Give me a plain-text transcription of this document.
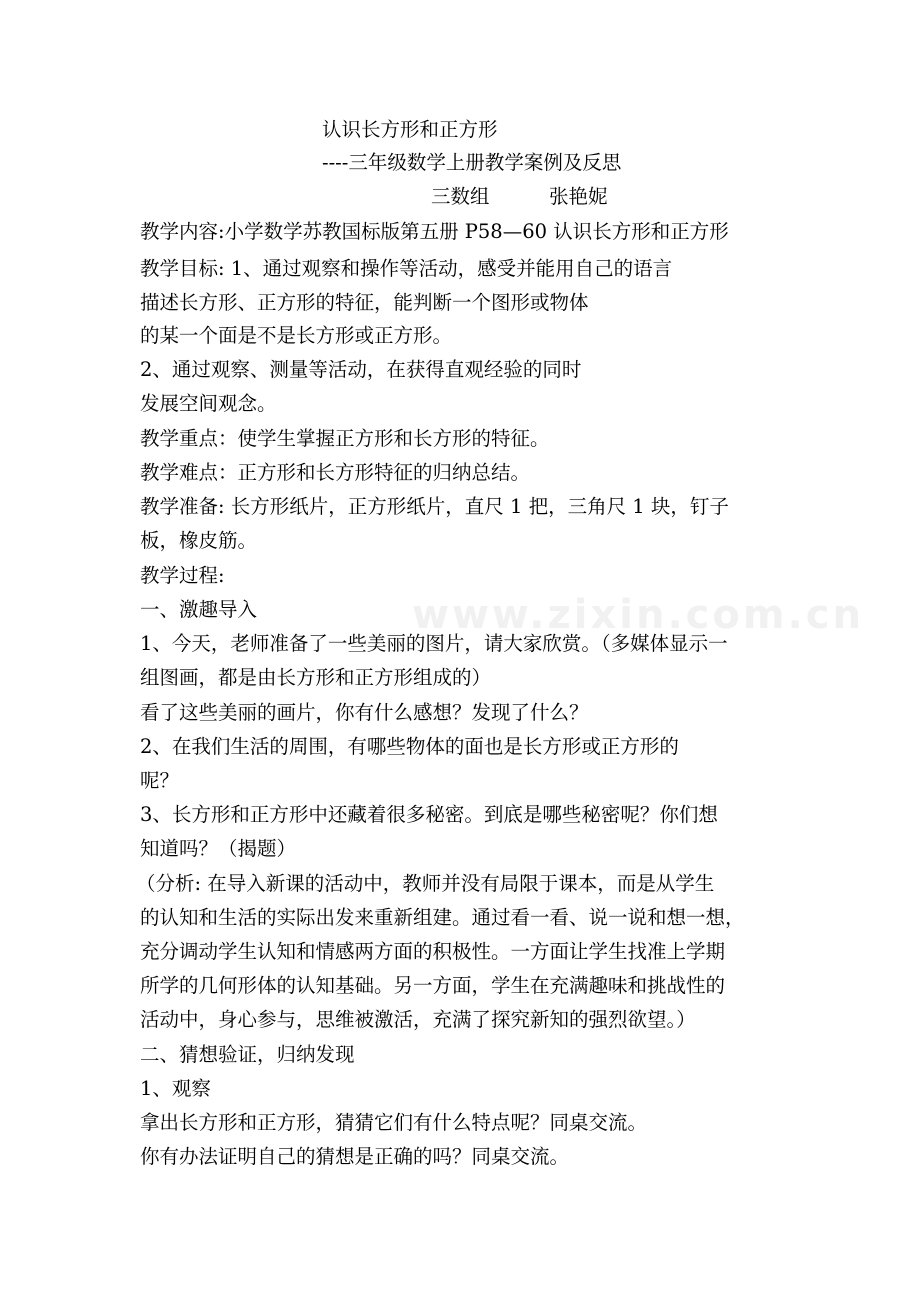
www.zixin.com.cn
认识长方形和正方形
----三年级数学上册教学案例及反思
三数组	张艳妮
教学内容:小学数学苏教国标版第五册 P58—60 认识长方形和正方形
教学目标: 1、通过观察和操作等活动，感受并能用自己的语言
描述长方形、正方形的特征，能判断一个图形或物体
的某一个面是不是长方形或正方形。
2、通过观察、测量等活动，在获得直观经验的同时
发展空间观念。
教学重点：使学生掌握正方形和长方形的特征。
教学难点：正方形和长方形特征的归纳总结。
教学准备: 长方形纸片，正方形纸片，直尺 1 把，三角尺 1 块，钉子
板，橡皮筋。
教学过程:
一、激趣导入
1、今天，老师准备了一些美丽的图片，请大家欣赏。（多媒体显示一
组图画，都是由长方形和正方形组成的）
看了这些美丽的画片，你有什么感想？发现了什么？
2、在我们生活的周围，有哪些物体的面也是长方形或正方形的
呢？
3、长方形和正方形中还藏着很多秘密。到底是哪些秘密呢？你们想
知道吗？（揭题）
（分析: 在导入新课的活动中，教师并没有局限于课本，而是从学生
的认知和生活的实际出发来重新组建。通过看一看、说一说和想一想，
充分调动学生认知和情感两方面的积极性。一方面让学生找准上学期
所学的几何形体的认知基础。另一方面，学生在充满趣味和挑战性的
活动中，身心参与，思维被激活，充满了探究新知的强烈欲望。）
二、猜想验证，归纳发现
1、观察
拿出长方形和正方形，猜猜它们有什么特点呢？同桌交流。
你有办法证明自己的猜想是正确的吗？同桌交流。
